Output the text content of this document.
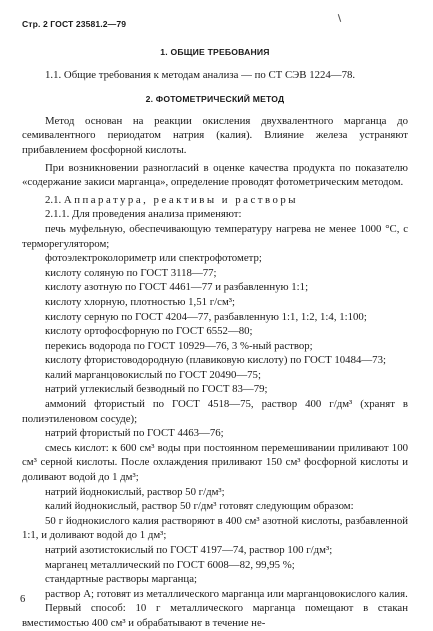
Стр. 2 ГОСТ 23581.2—79
1. ОБЩИЕ ТРЕБОВАНИЯ

1.1. Общие требования к методам анализа — по СТ СЭВ 1224—78.

2. ФОТОМЕТРИЧЕСКИЙ МЕТОД

Метод основан на реакции окисления двухвалентного марганца до семивалентного периодатом натрия (калия). Влияние железа устраняют прибавлением фосфорной кислоты.

При возникновении разногласий в оценке качества продукта по показателю «содержание закиси марганца», определение проводят фотометрическим методом.

2.1. Аппаратура, реактивы и растворы

2.1.1. Для проведения анализа применяют:

печь муфельную, обеспечивающую температуру нагрева не менее 1000 °С, с терморегулятором;
фотоэлектроколориметр или спектрофотометр;
кислоту соляную по ГОСТ 3118—77;
кислоту азотную по ГОСТ 4461—77 и разбавленную 1:1;
кислоту хлорную, плотностью 1,51 г/см³;
кислоту серную по ГОСТ 4204—77, разбавленную 1:1, 1:2, 1:4, 1:100;
кислоту ортофосфорную по ГОСТ 6552—80;
перекись водорода по ГОСТ 10929—76, 3 %-ный раствор;
кислоту фтористоводородную (плавиковую кислоту) по ГОСТ 10484—73;
калий марганцовокислый по ГОСТ 20490—75;
натрий углекислый безводный по ГОСТ 83—79;
аммоний фтористый по ГОСТ 4518—75, раствор 400 г/дм³ (хранят в полиэтиленовом сосуде);
натрий фтористый по ГОСТ 4463—76;
смесь кислот: к 600 см³ воды при постоянном перемешивании приливают 100 см³ серной кислоты. После охлаждения приливают 150 см³ фосфорной кислоты и доливают водой до 1 дм³;
натрий йоднокислый, раствор 50 г/дм³;
калий йоднокислый, раствор 50 г/дм³ готовят следующим образом:
50 г йоднокислого калия растворяют в 400 см³ азотной кислоты, разбавленной 1:1, и доливают водой до 1 дм³;
натрий азотистокислый по ГОСТ 4197—74, раствор 100 г/дм³;
марганец металлический по ГОСТ 6008—82, 99,95 %;
стандартные растворы марганца;
раствор А; готовят из металлического марганца или марганцовокислого калия.
Первый способ: 10 г металлического марганца помещают в стакан вместимостью 400 см³ и обрабатывают в течение не-
6
